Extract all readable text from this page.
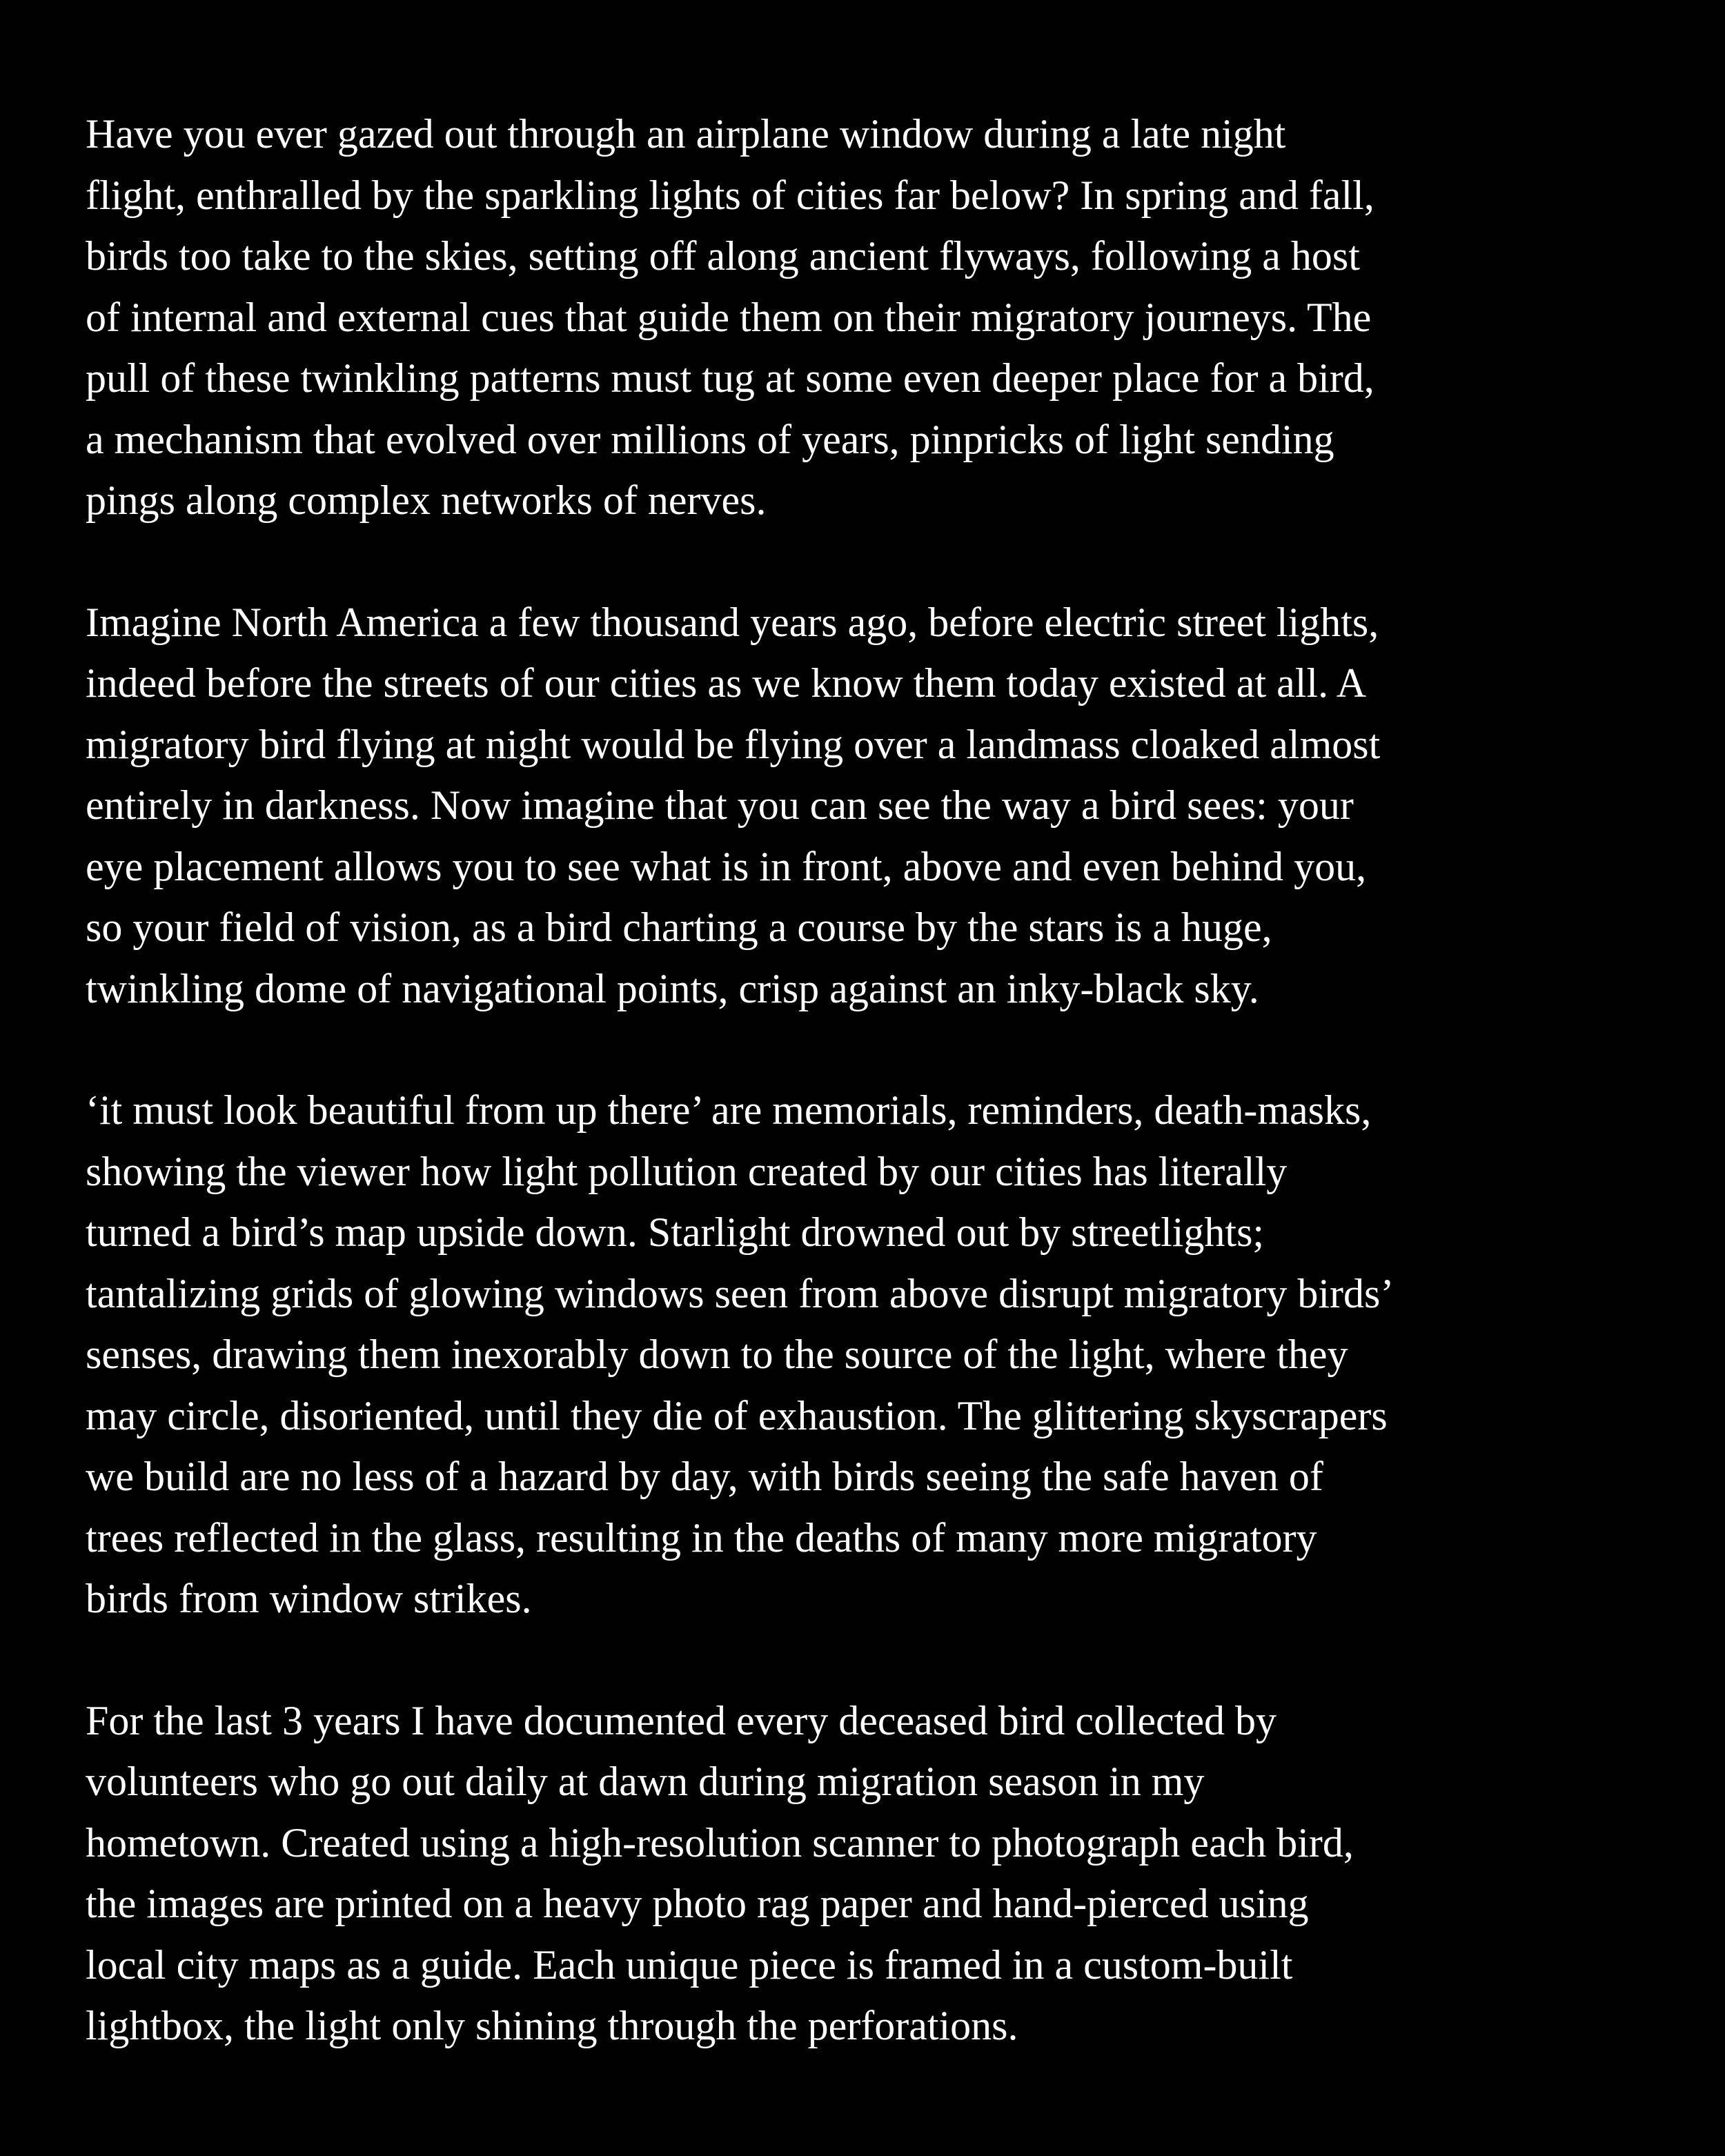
Have you ever gazed out through an airplane window during a late night
flight, enthralled by the sparkling lights of cities far below? In spring and fall,
birds too take to the skies, setting off along ancient flyways, following a host
of internal and external cues that guide them on their migratory journeys. The
pull of these twinkling patterns must tug at some even deeper place for a bird,
a mechanism that evolved over millions of years, pinpricks of light sending
pings along complex networks of nerves.

Imagine North America a few thousand years ago, before electric street lights,
indeed before the streets of our cities as we know them today existed at all. A
migratory bird flying at night would be flying over a landmass cloaked almost
entirely in darkness. Now imagine that you can see the way a bird sees: your
eye placement allows you to see what is in front, above and even behind you,
so your field of vision, as a bird charting a course by the stars is a huge,
twinkling dome of navigational points, crisp against an inky-black sky.

‘it must look beautiful from up there’ are memorials, reminders, death-masks,
showing the viewer how light pollution created by our cities has literally
turned a bird’s map upside down. Starlight drowned out by streetlights;
tantalizing grids of glowing windows seen from above disrupt migratory birds’
senses, drawing them inexorably down to the source of the light, where they
may circle, disoriented, until they die of exhaustion. The glittering skyscrapers
we build are no less of a hazard by day, with birds seeing the safe haven of
trees reflected in the glass, resulting in the deaths of many more migratory
birds from window strikes.

For the last 3 years I have documented every deceased bird collected by
volunteers who go out daily at dawn during migration season in my
hometown. Created using a high-resolution scanner to photograph each bird,
the images are printed on a heavy photo rag paper and hand-pierced using
local city maps as a guide. Each unique piece is framed in a custom-built
lightbox, the light only shining through the perforations.
